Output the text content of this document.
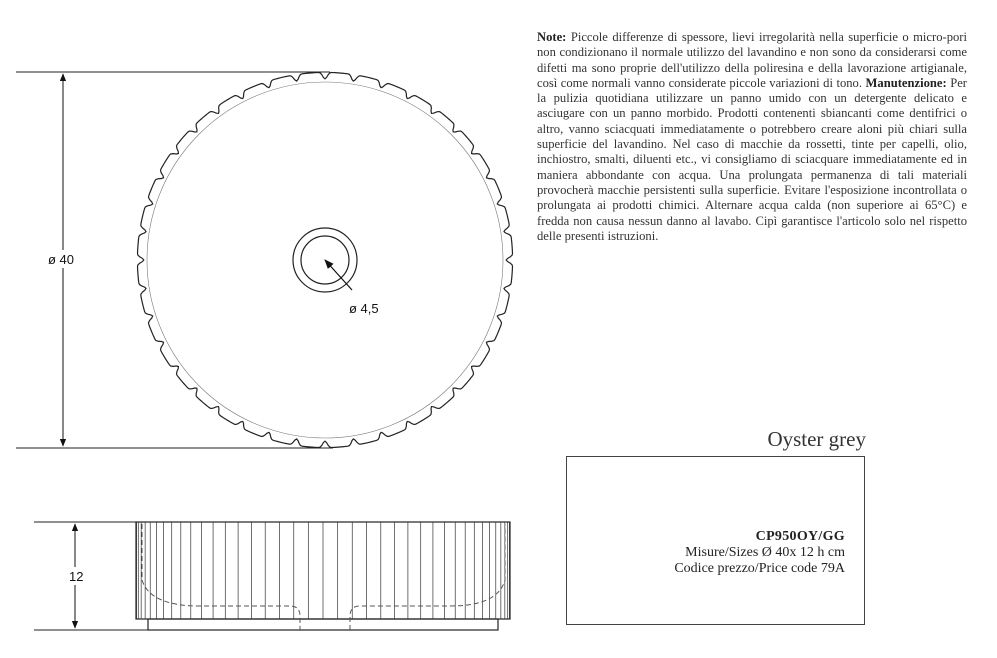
ø 4,5
ø 40
12
Note: Piccole differenze di spessore, lievi irregolarità nella superficie o micro-pori non condizionano il normale utilizzo del lavandino e non sono da considerarsi come difetti ma sono proprie dell'utilizzo della poliresina e della lavorazione artigianale, così come normali vanno considerate piccole variazioni di tono. Manutenzione: Per la pulizia quotidiana utilizzare un panno umido con un detergente delicato e asciugare con un panno morbido. Prodotti contenenti sbiancanti come dentifrici o altro, vanno sciacquati immediatamente o potrebbero creare aloni più chiari sulla superficie del lavandino. Nel caso di macchie da rossetti, tinte per capelli, olio, inchiostro, smalti, diluenti etc., vi consigliamo di sciacquare immediatamente ed in maniera abbondante con acqua. Una prolungata permanenza di tali materiali provocherà macchie persistenti sulla superficie. Evitare l'esposizione incontrollata o prolungata ai prodotti chimici. Alternare acqua calda (non superiore ai 65°C) e fredda non causa nessun danno al lavabo. Cipì garantisce l'articolo solo nel rispetto delle presenti istruzioni.
Oyster grey
CP950OY/GG
Misure/Sizes Ø 40x 12 h cm
Codice prezzo/Price code 79A
